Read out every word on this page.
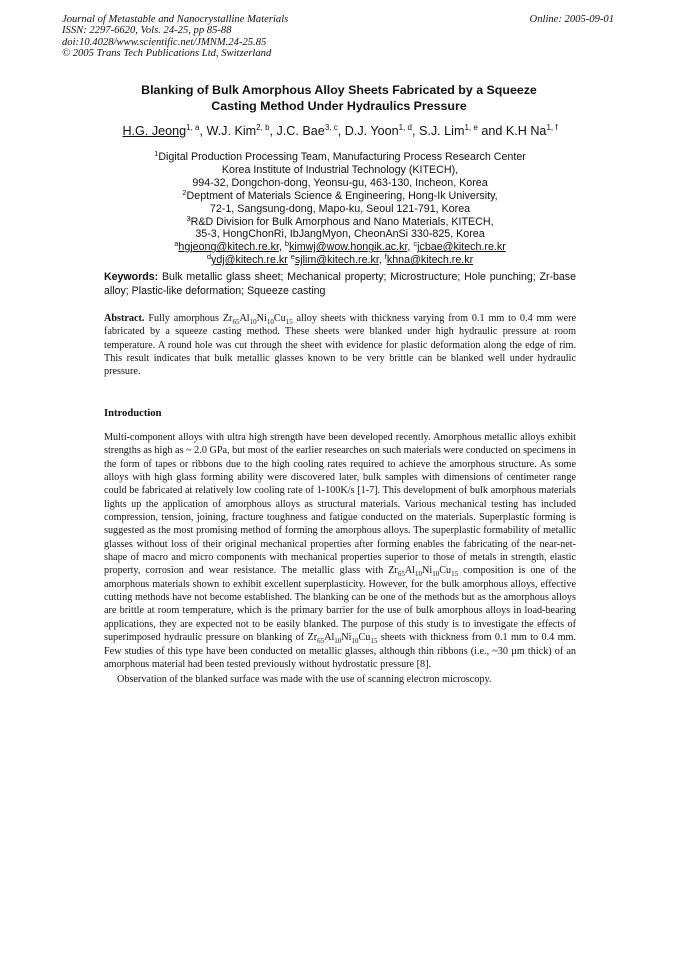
Journal of Metastable and Nanocrystalline Materials
ISSN: 2297-6620, Vols. 24-25, pp 85-88
doi:10.4028/www.scientific.net/JMNM.24-25.85
© 2005 Trans Tech Publications Ltd, Switzerland
Online: 2005-09-01
Blanking of Bulk Amorphous Alloy Sheets Fabricated by a Squeeze
Casting Method Under Hydraulics Pressure
H.G. Jeong$^{1, a}$, W.J. Kim$^{2, b}$, J.C. Bae$^{3, c}$, D.J. Yoon$^{1, d}$, S.J. Lim$^{1, e}$ and K.H Na$^{1, f}$
$^1$Digital Production Processing Team, Manufacturing Process Research Center
Korea Institute of Industrial Technology (KITECH),
994-32, Dongchon-dong, Yeonsu-gu, 463-130, Incheon, Korea
$^2$Deptment of Materials Science & Engineering, Hong-Ik University,
72-1, Sangsung-dong, Mapo-ku, Seoul 121-791, Korea
$^3$R&D Division for Bulk Amorphous and Nano Materials, KITECH,
35-3, HongChonRi, IbJangMyon, CheonAnSi 330-825, Korea
$^a$hgjeong@kitech.re.kr, $^b$kimwj@wow.hongik.ac.kr, $^c$jcbae@kitech.re.kr
$^d$ydj@kitech.re.kr $^e$sjlim@kitech.re.kr, $^f$khna@kitech.re.kr
Keywords: Bulk metallic glass sheet; Mechanical property; Microstructure; Hole punching; Zr-base alloy; Plastic-like deformation; Squeeze casting
Abstract. Fully amorphous $Zr_{65}Al_{10}Ni_{10}Cu_{15}$ alloy sheets with thickness varying from 0.1 mm to 0.4 mm were fabricated by a squeeze casting method. These sheets were blanked under high hydraulic pressure at room temperature. A round hole was cut through the sheet with evidence for plastic deformation along the edge of rim. This result indicates that bulk metallic glasses known to be very brittle can be blanked well under hydraulic pressure.
Introduction

Multi-component alloys with ultra high strength have been developed recently. Amorphous metallic alloys exhibit strengths as high as ~ 2.0 GPa, but most of the earlier researches on such materials were conducted on specimens in the form of tapes or ribbons due to the high cooling rates required to achieve the amorphous structure. As some alloys with high glass forming ability were discovered later, bulk samples with dimensions of centimeter range could be fabricated at relatively low cooling rate of 1-100K/s [1-7]. This development of bulk amorphous materials lights up the application of amorphous alloys as structural materials. Various mechanical testing has included compression, tension, joining, fracture toughness and fatigue conducted on the materials. Superplastic forming is suggested as the most promising method of forming the amorphous alloys. The superplastic formability of metallic glasses without loss of their original mechanical properties after forming enables the fabricating of the near-net-shape of macro and micro components with mechanical properties superior to those of metals in strength, elastic property, corrosion and wear resistance. The metallic glass with $Zr_{65}Al_{10}Ni_{10}Cu_{15}$ composition is one of the amorphous materials shown to exhibit excellent superplasticity. However, for the bulk amorphous alloys, effective cutting methods have not become established. The blanking can be one of the methods but as the amorphous alloys are brittle at room temperature, which is the primary barrier for the use of bulk amorphous alloys in load-bearing applications, they are expected not to be easily blanked. The purpose of this study is to investigate the effects of superimposed hydraulic pressure on blanking of $Zr_{65}Al_{10}Ni_{10}Cu_{15}$ sheets with thickness from 0.1 mm to 0.4 mm. Few studies of this type have been conducted on metallic glasses, although thin ribbons (i.e., ~30 µm thick) of an amorphous material had been tested previously without hydrostatic pressure [8].

Observation of the blanked surface was made with the use of scanning electron microscopy.
